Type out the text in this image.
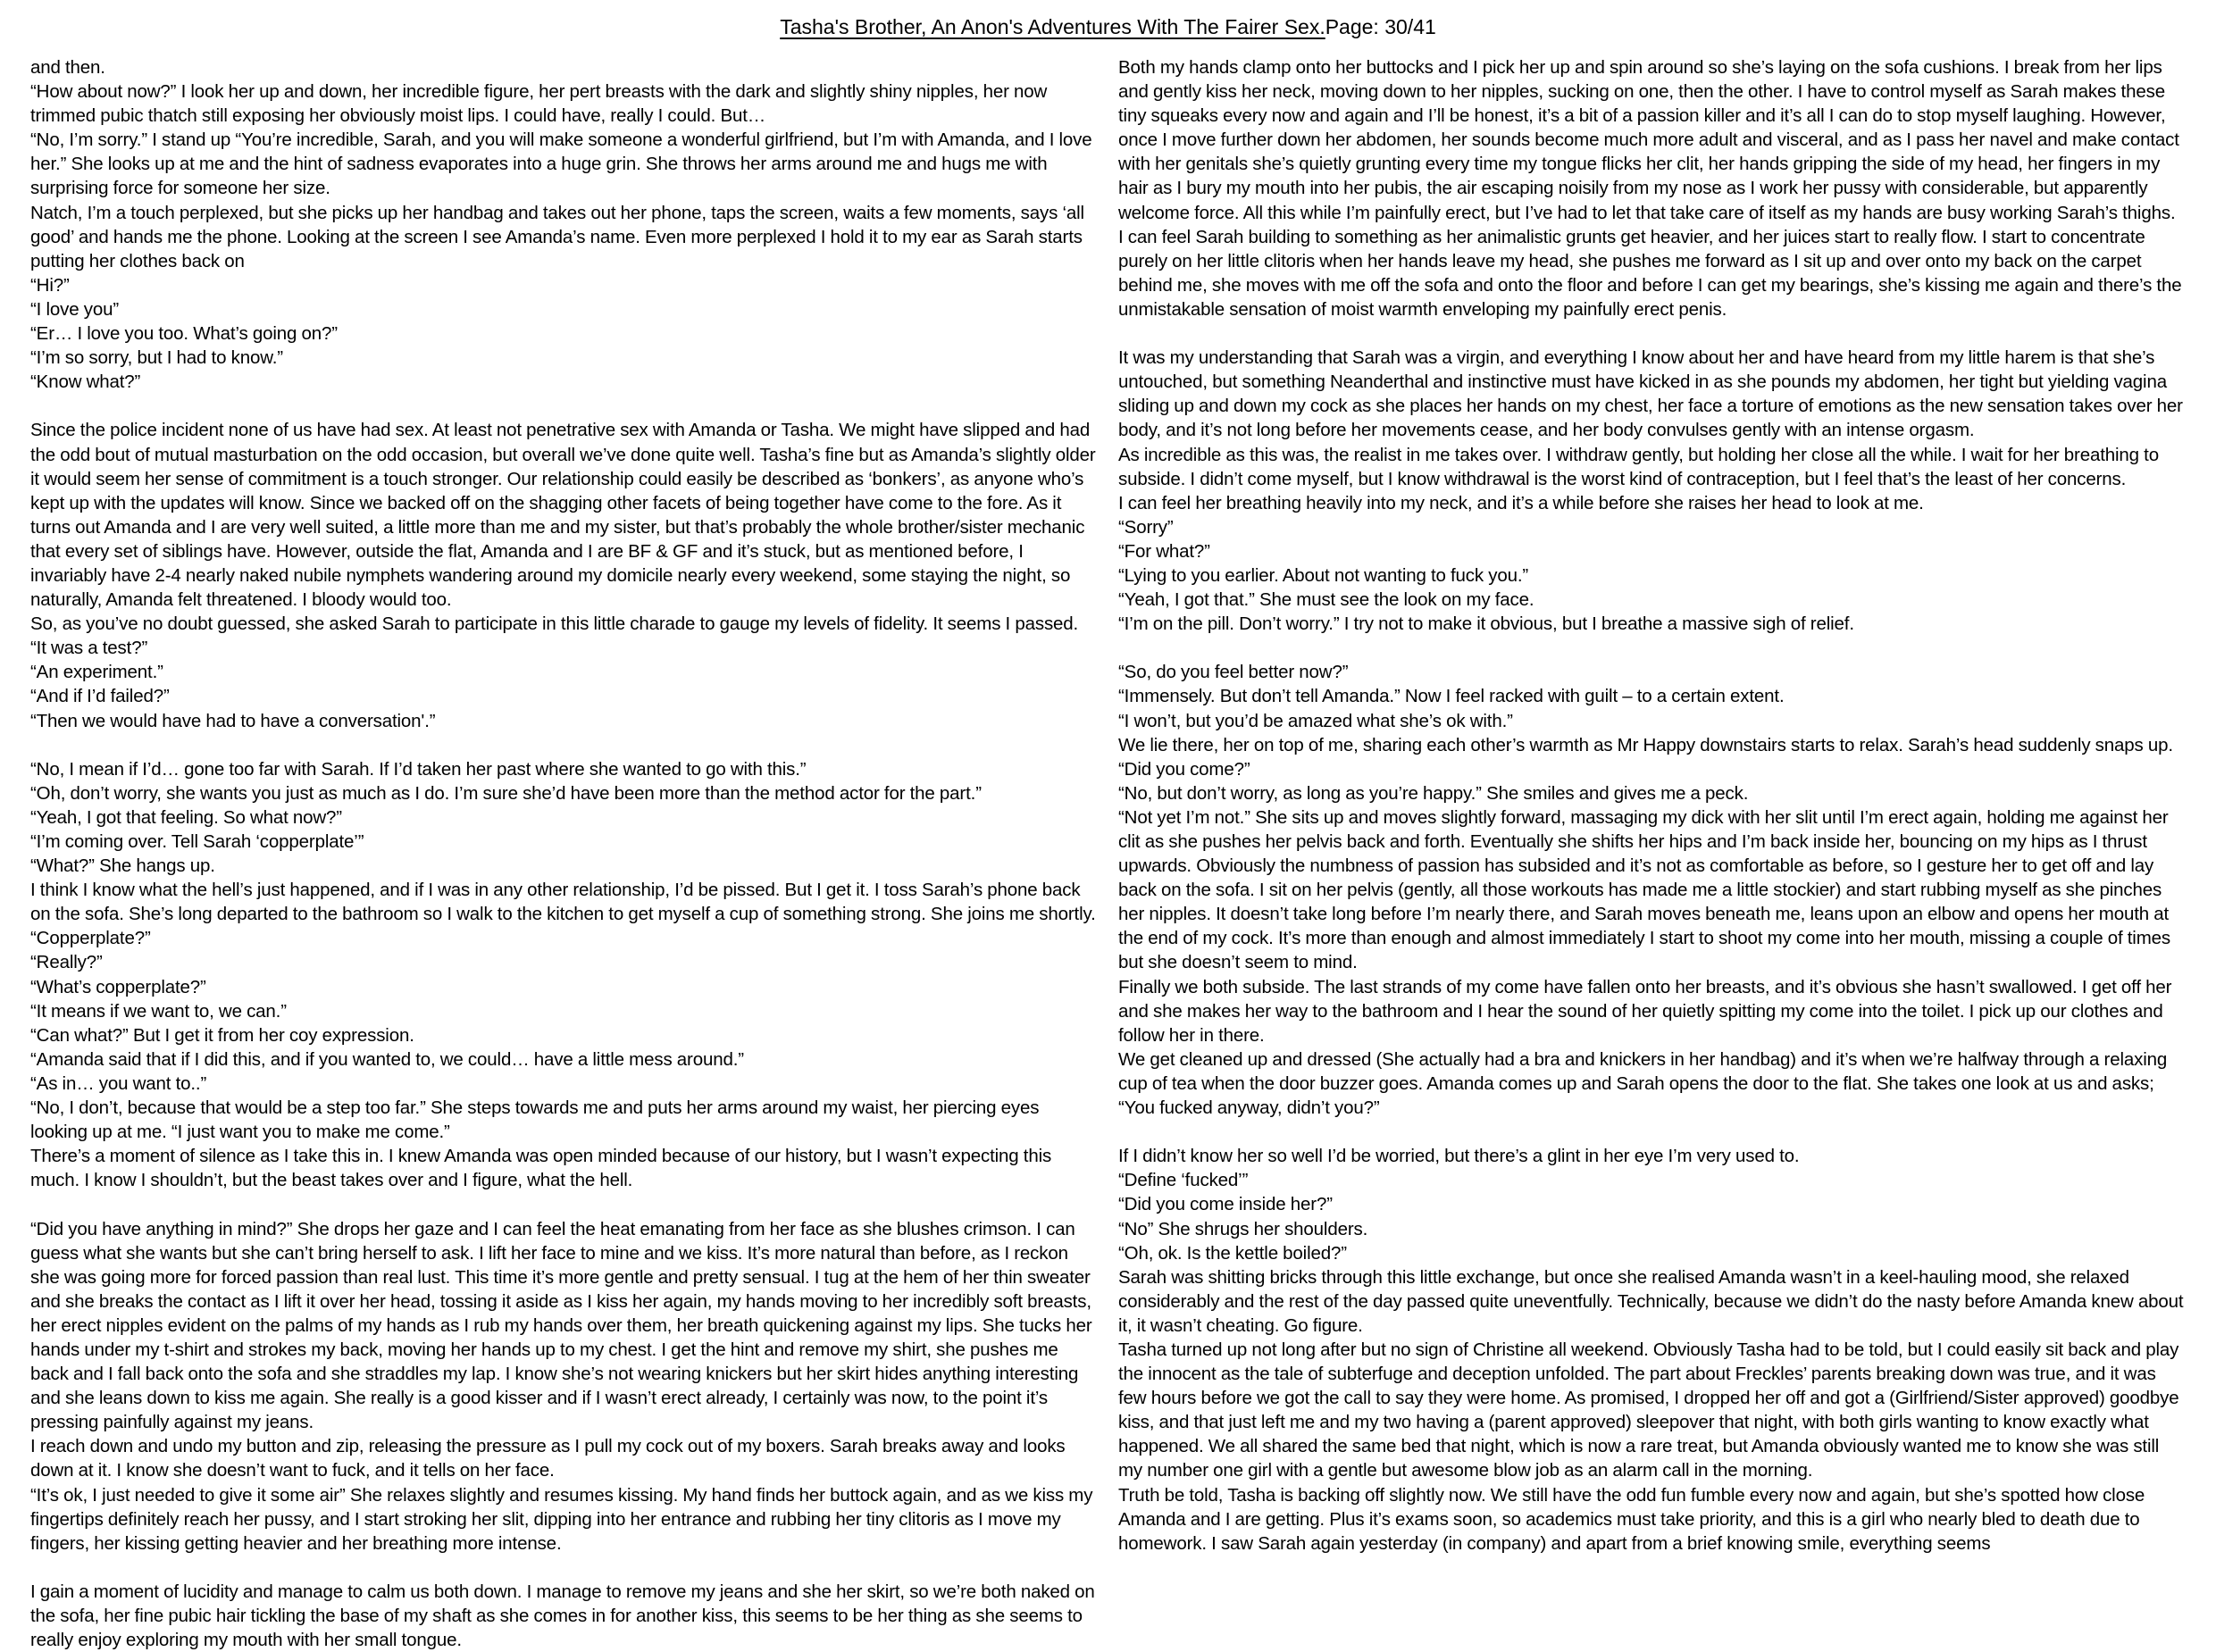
Tasha's Brother, An Anon's Adventures With The Fairer Sex.Page: 30/41

and then.
“How about now?” I look her up and down, her incredible figure, her pert breasts with the dark and slightly shiny nipples, her now trimmed pubic thatch still exposing her obviously moist lips. I could have, really I could. But…
“No, I’m sorry.” I stand up “You’re incredible, Sarah, and you will make someone a wonderful girlfriend, but I’m with Amanda, and I love her.” She looks up at me and the hint of sadness evaporates into a huge grin. She throws her arms around me and hugs me with surprising force for someone her size.
Natch, I’m a touch perplexed, but she picks up her handbag and takes out her phone, taps the screen, waits a few moments, says ‘all good’ and hands me the phone. Looking at the screen I see Amanda’s name. Even more perplexed I hold it to my ear as Sarah starts putting her clothes back on
“Hi?”
“I love you”
“Er… I love you too. What’s going on?”
“I’m so sorry, but I had to know.”
“Know what?”

Since the police incident none of us have had sex. At least not penetrative sex with Amanda or Tasha. We might have slipped and had the odd bout of mutual masturbation on the odd occasion, but overall we’ve done quite well. Tasha’s fine but as Amanda’s slightly older it would seem her sense of commitment is a touch stronger. Our relationship could easily be described as ‘bonkers’, as anyone who’s kept up with the updates will know. Since we backed off on the shagging other facets of being together have come to the fore. As it turns out Amanda and I are very well suited, a little more than me and my sister, but that’s probably the whole brother/sister mechanic that every set of siblings have. However, outside the flat, Amanda and I are BF & GF and it’s stuck, but as mentioned before, I invariably have 2-4 nearly naked nubile nymphets wandering around my domicile nearly every weekend, some staying the night, so naturally, Amanda felt threatened. I bloody would too.
So, as you’ve no doubt guessed, she asked Sarah to participate in this little charade to gauge my levels of fidelity. It seems I passed.
“It was a test?”
“An experiment.”
“And if I’d failed?”
“Then we would have had to have a conversation'.”

“No, I mean if I’d… gone too far with Sarah. If I’d taken her past where she wanted to go with this.”
“Oh, don’t worry, she wants you just as much as I do. I’m sure she’d have been more than the method actor for the part.”
“Yeah, I got that feeling. So what now?”
“I’m coming over. Tell Sarah ‘copperplate’”
“What?” She hangs up.
I think I know what the hell’s just happened, and if I was in any other relationship, I’d be pissed. But I get it. I toss Sarah’s phone back on the sofa. She’s long departed to the bathroom so I walk to the kitchen to get myself a cup of something strong. She joins me shortly.
“Copperplate?”
“Really?”
“What’s copperplate?”
“It means if we want to, we can.”
“Can what?” But I get it from her coy expression.
“Amanda said that if I did this, and if you wanted to, we could… have a little mess around.”
“As in… you want to..”
“No, I don’t, because that would be a step too far.” She steps towards me and puts her arms around my waist, her piercing eyes looking up at me. “I just want you to make me come.”
There’s a moment of silence as I take this in. I knew Amanda was open minded because of our history, but I wasn’t expecting this much. I know I shouldn’t, but the beast takes over and I figure, what the hell.

“Did you have anything in mind?” She drops her gaze and I can feel the heat emanating from her face as she blushes crimson. I can guess what she wants but she can’t bring herself to ask. I lift her face to mine and we kiss. It’s more natural than before, as I reckon she was going more for forced passion than real lust. This time it’s more gentle and pretty sensual. I tug at the hem of her thin sweater and she breaks the contact as I lift it over her head, tossing it aside as I kiss her again, my hands moving to her incredibly soft breasts, her erect nipples evident on the palms of my hands as I rub my hands over them, her breath quickening against my lips. She tucks her hands under my t-shirt and strokes my back, moving her hands up to my chest. I get the hint and remove my shirt, she pushes me back and I fall back onto the sofa and she straddles my lap. I know she’s not wearing knickers but her skirt hides anything interesting and she leans down to kiss me again. She really is a good kisser and if I wasn’t erect already, I certainly was now, to the point it’s pressing painfully against my jeans.
I reach down and undo my button and zip, releasing the pressure as I pull my cock out of my boxers. Sarah breaks away and looks down at it. I know she doesn’t want to fuck, and it tells on her face.
“It’s ok, I just needed to give it some air” She relaxes slightly and resumes kissing. My hand finds her buttock again, and as we kiss my fingertips definitely reach her pussy, and I start stroking her slit, dipping into her entrance and rubbing her tiny clitoris as I move my fingers, her kissing getting heavier and her breathing more intense.

I gain a moment of lucidity and manage to calm us both down. I manage to remove my jeans and she her skirt, so we’re both naked on the sofa, her fine pubic hair tickling the base of my shaft as she comes in for another kiss, this seems to be her thing as she seems to really enjoy exploring my mouth with her small tongue.

Both my hands clamp onto her buttocks and I pick her up and spin around so she’s laying on the sofa cushions. I break from her lips and gently kiss her neck, moving down to her nipples, sucking on one, then the other. I have to control myself as Sarah makes these tiny squeaks every now and again and I’ll be honest, it’s a bit of a passion killer and it’s all I can do to stop myself laughing. However, once I move further down her abdomen, her sounds become much more adult and visceral, and as I pass her navel and make contact with her genitals she’s quietly grunting every time my tongue flicks her clit, her hands gripping the side of my head, her fingers in my hair as I bury my mouth into her pubis, the air escaping noisily from my nose as I work her pussy with considerable, but apparently welcome force. All this while I’m painfully erect, but I’ve had to let that take care of itself as my hands are busy working Sarah’s thighs.
I can feel Sarah building to something as her animalistic grunts get heavier, and her juices start to really flow. I start to concentrate purely on her little clitoris when her hands leave my head, she pushes me forward as I sit up and over onto my back on the carpet behind me, she moves with me off the sofa and onto the floor and before I can get my bearings, she’s kissing me again and there’s the unmistakable sensation of moist warmth enveloping my painfully erect penis.

It was my understanding that Sarah was a virgin, and everything I know about her and have heard from my little harem is that she’s untouched, but something Neanderthal and instinctive must have kicked in as she pounds my abdomen, her tight but yielding vagina sliding up and down my cock as she places her hands on my chest, her face a torture of emotions as the new sensation takes over her body, and it’s not long before her movements cease, and her body convulses gently with an intense orgasm.
As incredible as this was, the realist in me takes over. I withdraw gently, but holding her close all the while. I wait for her breathing to subside. I didn’t come myself, but I know withdrawal is the worst kind of contraception, but I feel that’s the least of her concerns.
I can feel her breathing heavily into my neck, and it’s a while before she raises her head to look at me.
“Sorry”
“For what?”
“Lying to you earlier. About not wanting to fuck you.”
“Yeah, I got that.” She must see the look on my face.
“I’m on the pill. Don’t worry.” I try not to make it obvious, but I breathe a massive sigh of relief.

“So, do you feel better now?”
“Immensely. But don’t tell Amanda.” Now I feel racked with guilt – to a certain extent.
“I won’t, but you’d be amazed what she’s ok with.”
We lie there, her on top of me, sharing each other’s warmth as Mr Happy downstairs starts to relax. Sarah’s head suddenly snaps up.
“Did you come?”
“No, but don’t worry, as long as you’re happy.” She smiles and gives me a peck.
“Not yet I’m not.” She sits up and moves slightly forward, massaging my dick with her slit until I’m erect again, holding me against her clit as she pushes her pelvis back and forth. Eventually she shifts her hips and I’m back inside her, bouncing on my hips as I thrust upwards. Obviously the numbness of passion has subsided and it’s not as comfortable as before, so I gesture her to get off and lay back on the sofa. I sit on her pelvis (gently, all those workouts has made me a little stockier) and start rubbing myself as she pinches her nipples. It doesn’t take long before I’m nearly there, and Sarah moves beneath me, leans upon an elbow and opens her mouth at the end of my cock. It’s more than enough and almost immediately I start to shoot my come into her mouth, missing a couple of times but she doesn’t seem to mind.
Finally we both subside. The last strands of my come have fallen onto her breasts, and it’s obvious she hasn’t swallowed. I get off her and she makes her way to the bathroom and I hear the sound of her quietly spitting my come into the toilet. I pick up our clothes and follow her in there.
We get cleaned up and dressed (She actually had a bra and knickers in her handbag) and it’s when we’re halfway through a relaxing cup of tea when the door buzzer goes. Amanda comes up and Sarah opens the door to the flat. She takes one look at us and asks;
“You fucked anyway, didn’t you?”

If I didn’t know her so well I’d be worried, but there’s a glint in her eye I’m very used to.
“Define ‘fucked’”
“Did you come inside her?”
“No” She shrugs her shoulders.
“Oh, ok. Is the kettle boiled?”
Sarah was shitting bricks through this little exchange, but once she realised Amanda wasn’t in a keel-hauling mood, she relaxed considerably and the rest of the day passed quite uneventfully. Technically, because we didn’t do the nasty before Amanda knew about it, it wasn’t cheating. Go figure.
Tasha turned up not long after but no sign of Christine all weekend. Obviously Tasha had to be told, but I could easily sit back and play the innocent as the tale of subterfuge and deception unfolded. The part about Freckles’ parents breaking down was true, and it was few hours before we got the call to say they were home. As promised, I dropped her off and got a (Girlfriend/Sister approved) goodbye kiss, and that just left me and my two having a (parent approved) sleepover that night, with both girls wanting to know exactly what happened. We all shared the same bed that night, which is now a rare treat, but Amanda obviously wanted me to know she was still my number one girl with a gentle but awesome blow job as an alarm call in the morning.
Truth be told, Tasha is backing off slightly now. We still have the odd fun fumble every now and again, but she’s spotted how close Amanda and I are getting. Plus it’s exams soon, so academics must take priority, and this is a girl who nearly bled to death due to homework. I saw Sarah again yesterday (in company) and apart from a brief knowing smile, everything seems
